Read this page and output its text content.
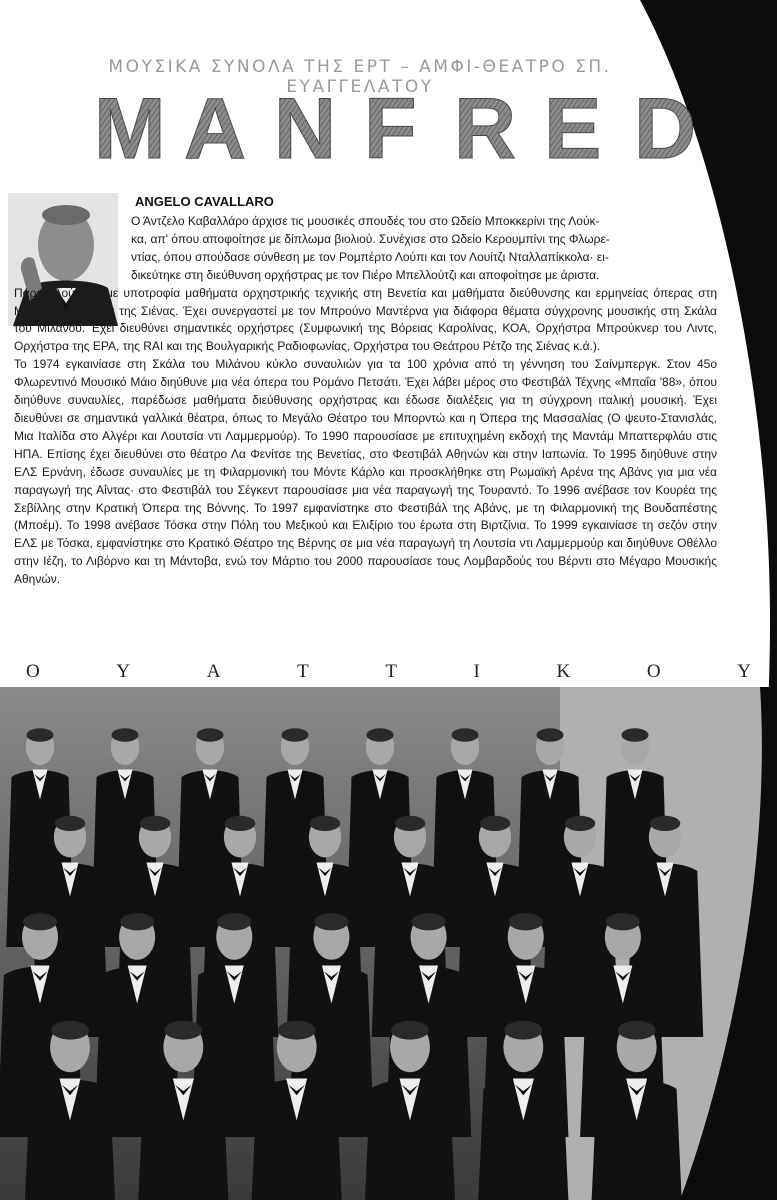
ΜΟΥΣΙΚΑ ΣΥΝΟΛΑ ΤΗΣ ΕΡΤ – ΑΜΦΙ-ΘΕΑΤΡΟ ΣΠ. ΕΥΑΓΓΕΛΑΤΟΥ
M A N F R E D
ANGELO CAVALLARO

Ο Άντζελο Καβαλλάρο άρχισε τις μουσικές σπουδές του στο Ωδείο Μποκκερίνι της Λούκ-

κα, απ' όπου αποφοίτησε με δίπλωμα βιολιού. Συνέχισε στο Ωδείο Κερουμπίνι της Φλωρε-

ντίας, όπου σπούδασε σύνθεση με τον Ρομπέρτο Λούπι και τον Λουίτζι Νταλλαπίκκολα· ει-

δικεύτηκε στη διεύθυνση ορχήστρας με τον Πιέρο Μπελλούτζι και αποφοίτησε με άριστα.

Παρακολούθησε με υποτροφία μαθήματα ορχηστρικής τεχνικής στη Βενετία και μαθήματα διεύθυνσης και ερμηνείας όπερας στη Μουσική Ακαδημία της Σιένας. Έχει συνεργαστεί με τον Μπρούνο Μαντέρνα για διάφορα θέματα σύγχρονης μουσικής στη Σκάλα του Μιλάνου. Έχει διευθύνει σημαντικές ορχήστρες (Συμφωνική της Βόρειας Καρολίνας, ΚΟΑ, Ορχήστρα Μπρούκνερ του Λιντς, Ορχήστρα της ΕΡΑ, της RAI και της Βουλγαρικής Ραδιοφωνίας, Ορχήστρα του Θεάτρου Ρέτζο της Σιένας κ.ά.).

Το 1974 εγκαινίασε στη Σκάλα του Μιλάνου κύκλο συναυλιών για τα 100 χρόνια από τη γέννηση του Σαίνμπεργκ. Στον 45ο Φλωρεντινό Μουσικό Μάιο διηύθυνε μια νέα όπερα του Ρομάνο Πετσάτι. Έχει λάβει μέρος στο Φεστιβάλ Τέχνης «Μπαΐα '88», όπου διηύθυνε συναυλίες, παρέδωσε μαθήματα διεύθυνσης ορχήστρας και έδωσε διαλέξεις για τη σύγχρονη ιταλική μουσική. Έχει διευθύνει σε σημαντικά γαλλικά θέατρα, όπως το Μεγάλο Θέατρο του Μπορντώ και η Όπερα της Μασσαλίας (Ο ψευτο-Στανισλάς, Μια Ιταλίδα στο Αλγέρι και Λουτσία ντι Λαμμερμούρ). Το 1990 παρουσίασε με επιτυχημένη εκδοχή της Μαντάμ Μπαττερφλάυ στις ΗΠΑ. Επίσης έχει διευθύνει στο θέατρο Λα Φενίτσε της Βενετίας, στο Φεστιβάλ Αθηνών και στην Ιαπωνία. Το 1995 διηύθυνε στην ΕΛΣ Ερνάνη, έδωσε συναυλίες με τη Φιλαρμονική του Μόντε Κάρλο και προσκλήθηκε στη Ρωμαϊκή Αρένα της Αβάνς για μια νέα παραγωγή της Αΐντας· στο Φεστιβάλ του Σέγκεντ παρουσίασε μια νέα παραγωγή της Τουραντό. Το 1996 ανέβασε τον Κουρέα της Σεβίλλης στην Κρατική Όπερα της Βόννης. Το 1997 εμφανίστηκε στο Φεστιβάλ της Αβάνς, με τη Φιλαρμονική της Βουδαπέστης (Μποέμ). Το 1998 ανέβασε Τόσκα στην Πόλη του Μεξικού και Ελιξίριο του έρωτα στη Βιρτζίνια. Το 1999 εγκαινίασε τη σεζόν στην ΕΛΣ με Τόσκα, εμφανίστηκε στο Κρατικό Θέατρο της Βέρνης σε μια νέα παραγωγή τη Λουτσία ντι Λαμμερμούρ και διηύθυνε Οθέλλο στην Ιέζη, το Λιβόρνο και τη Μάντοβα, ενώ τον Μάρτιο του 2000 παρουσίασε τους Λομβαρδούς του Βέρντι στο Μέγαρο Μουσικής Αθηνών.

Ο	Υ	Α	Τ	Τ	Ι	Κ	Ο	Υ
